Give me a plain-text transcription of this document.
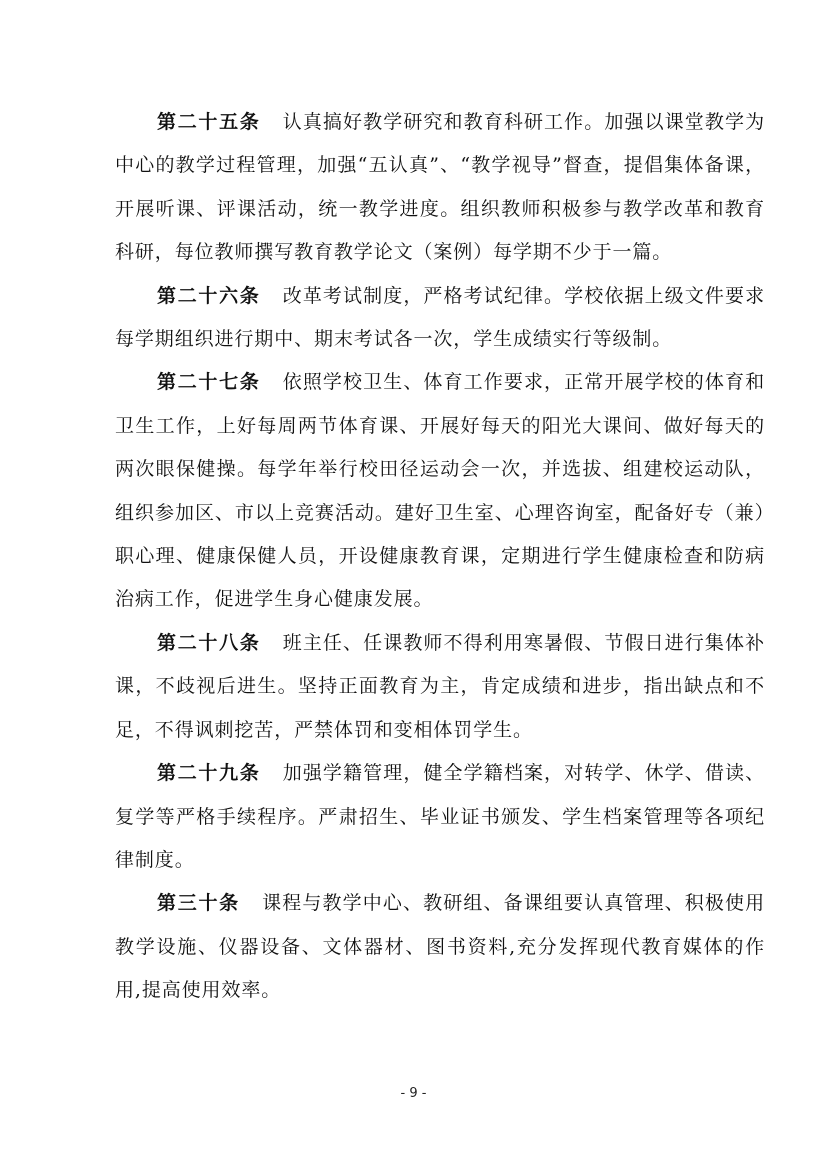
第二十五条 认真搞好教学研究和教育科研工作。加强以课堂教学为中心的教学过程管理，加强“五认真”、“教学视导”督查，提倡集体备课，开展听课、评课活动，统一教学进度。组织教师积极参与教学改革和教育科研，每位教师撰写教育教学论文（案例）每学期不少于一篇。

第二十六条 改革考试制度，严格考试纪律。学校依据上级文件要求每学期组织进行期中、期末考试各一次，学生成绩实行等级制。

第二十七条 依照学校卫生、体育工作要求，正常开展学校的体育和卫生工作，上好每周两节体育课、开展好每天的阳光大课间、做好每天的两次眼保健操。每学年举行校田径运动会一次，并选拔、组建校运动队，组织参加区、市以上竞赛活动。建好卫生室、心理咨询室，配备好专（兼）职心理、健康保健人员，开设健康教育课，定期进行学生健康检查和防病治病工作，促进学生身心健康发展。

第二十八条 班主任、任课教师不得利用寒暑假、节假日进行集体补课，不歧视后进生。坚持正面教育为主，肯定成绩和进步，指出缺点和不足，不得讽刺挖苦，严禁体罚和变相体罚学生。

第二十九条 加强学籍管理，健全学籍档案，对转学、休学、借读、复学等严格手续程序。严肃招生、毕业证书颁发、学生档案管理等各项纪律制度。

第三十条 课程与教学中心、教研组、备课组要认真管理、积极使用教学设施、仪器设备、文体器材、图书资料,充分发挥现代教育媒体的作用,提高使用效率。

- 9 -
